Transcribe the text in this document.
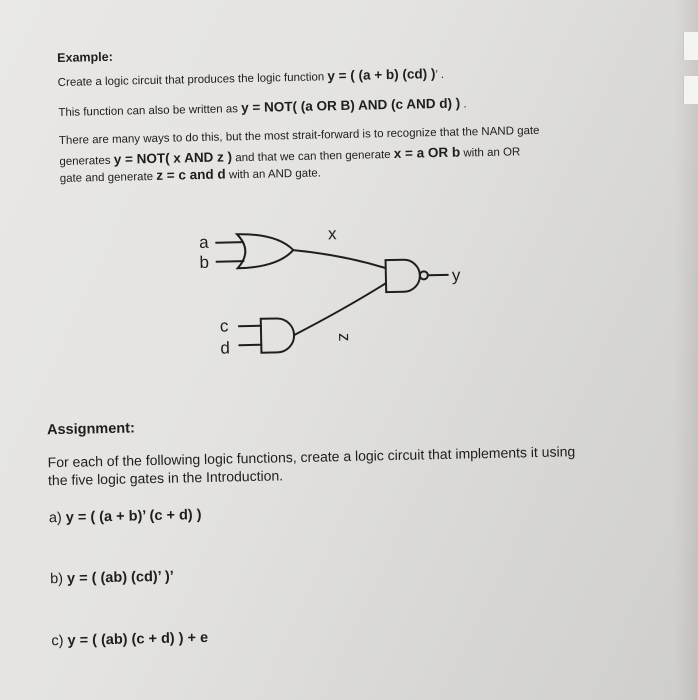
Example:
Create a logic circuit that produces the logic function y = ( (a + b) (cd) )’ .
This function can also be written as y = NOT( (a OR B) AND (c AND d) ) .
There are many ways to do this, but the most strait-forward is to recognize that the NAND gate
generates y = NOT( x AND z ) and that we can then generate x = a OR b with an OR
gate and generate z = c and d with an AND gate.
a
b
c
d
x
z
y
Assignment:
For each of the following logic functions, create a logic circuit that implements it using
the five logic gates in the Introduction.
a) y = ( (a + b)’ (c + d) )
b) y = ( (ab) (cd)’ )’
c) y = ( (ab) (c + d) ) + e
